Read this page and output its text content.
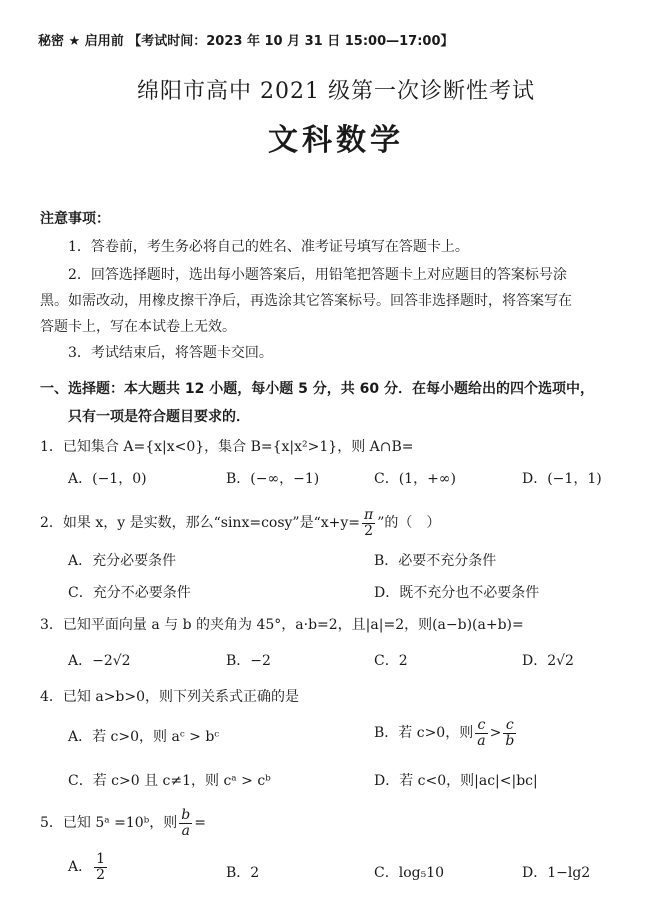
秘密 ★ 启用前 【考试时间：2023 年 10 月 31 日 15:00—17:00】
绵阳市高中 2021 级第一次诊断性考试
文科数学
注意事项：
1．答卷前，考生务必将自己的姓名、准考证号填写在答题卡上。
2．回答选择题时，选出每小题答案后，用铅笔把答题卡上对应题目的答案标号涂
黑。如需改动，用橡皮擦干净后，再选涂其它答案标号。回答非选择题时，将答案写在
答题卡上，写在本试卷上无效。
3．考试结束后，将答题卡交回。
一、选择题：本大题共 12 小题，每小题 5 分，共 60 分．在每小题给出的四个选项中，
只有一项是符合题目要求的．
1．已知集合 A={x|x<0}，集合 B={x|x²>1}，则 A∩B=
A．(−1，0)	B．(−∞，−1)	C．(1，+∞)	D．(−1，1)
2．如果 x，y 是实数，那么“sinx=cosy”是“$x+y= \frac{\pi}{2}$ ”的（　）
A．充分必要条件	B．必要不充分条件
C．充分不必要条件	D．既不充分也不必要条件
3．已知平面向量 a 与 b 的夹角为 45°，a·b=2，且|a|=2，则(a−b)(a+b)=
A．−2√2	B．−2	C．2	D．2√2
4．已知 a>b>0，则下列关系式正确的是
A．若 c>0，则 aᶜ > bᶜ	B．若 c>0，则 $\frac{c}{a} > \frac{c}{b}$
C．若 c>0 且 c≠1，则 cᵃ > cᵇ	D．若 c<0，则|ac|<|bc|
5．已知 5ᵃ =10ᵇ，则 $\frac{b}{a}$ =
A． $\frac{1}{2}$	B．2	C．log₅10	D．1−lg2
